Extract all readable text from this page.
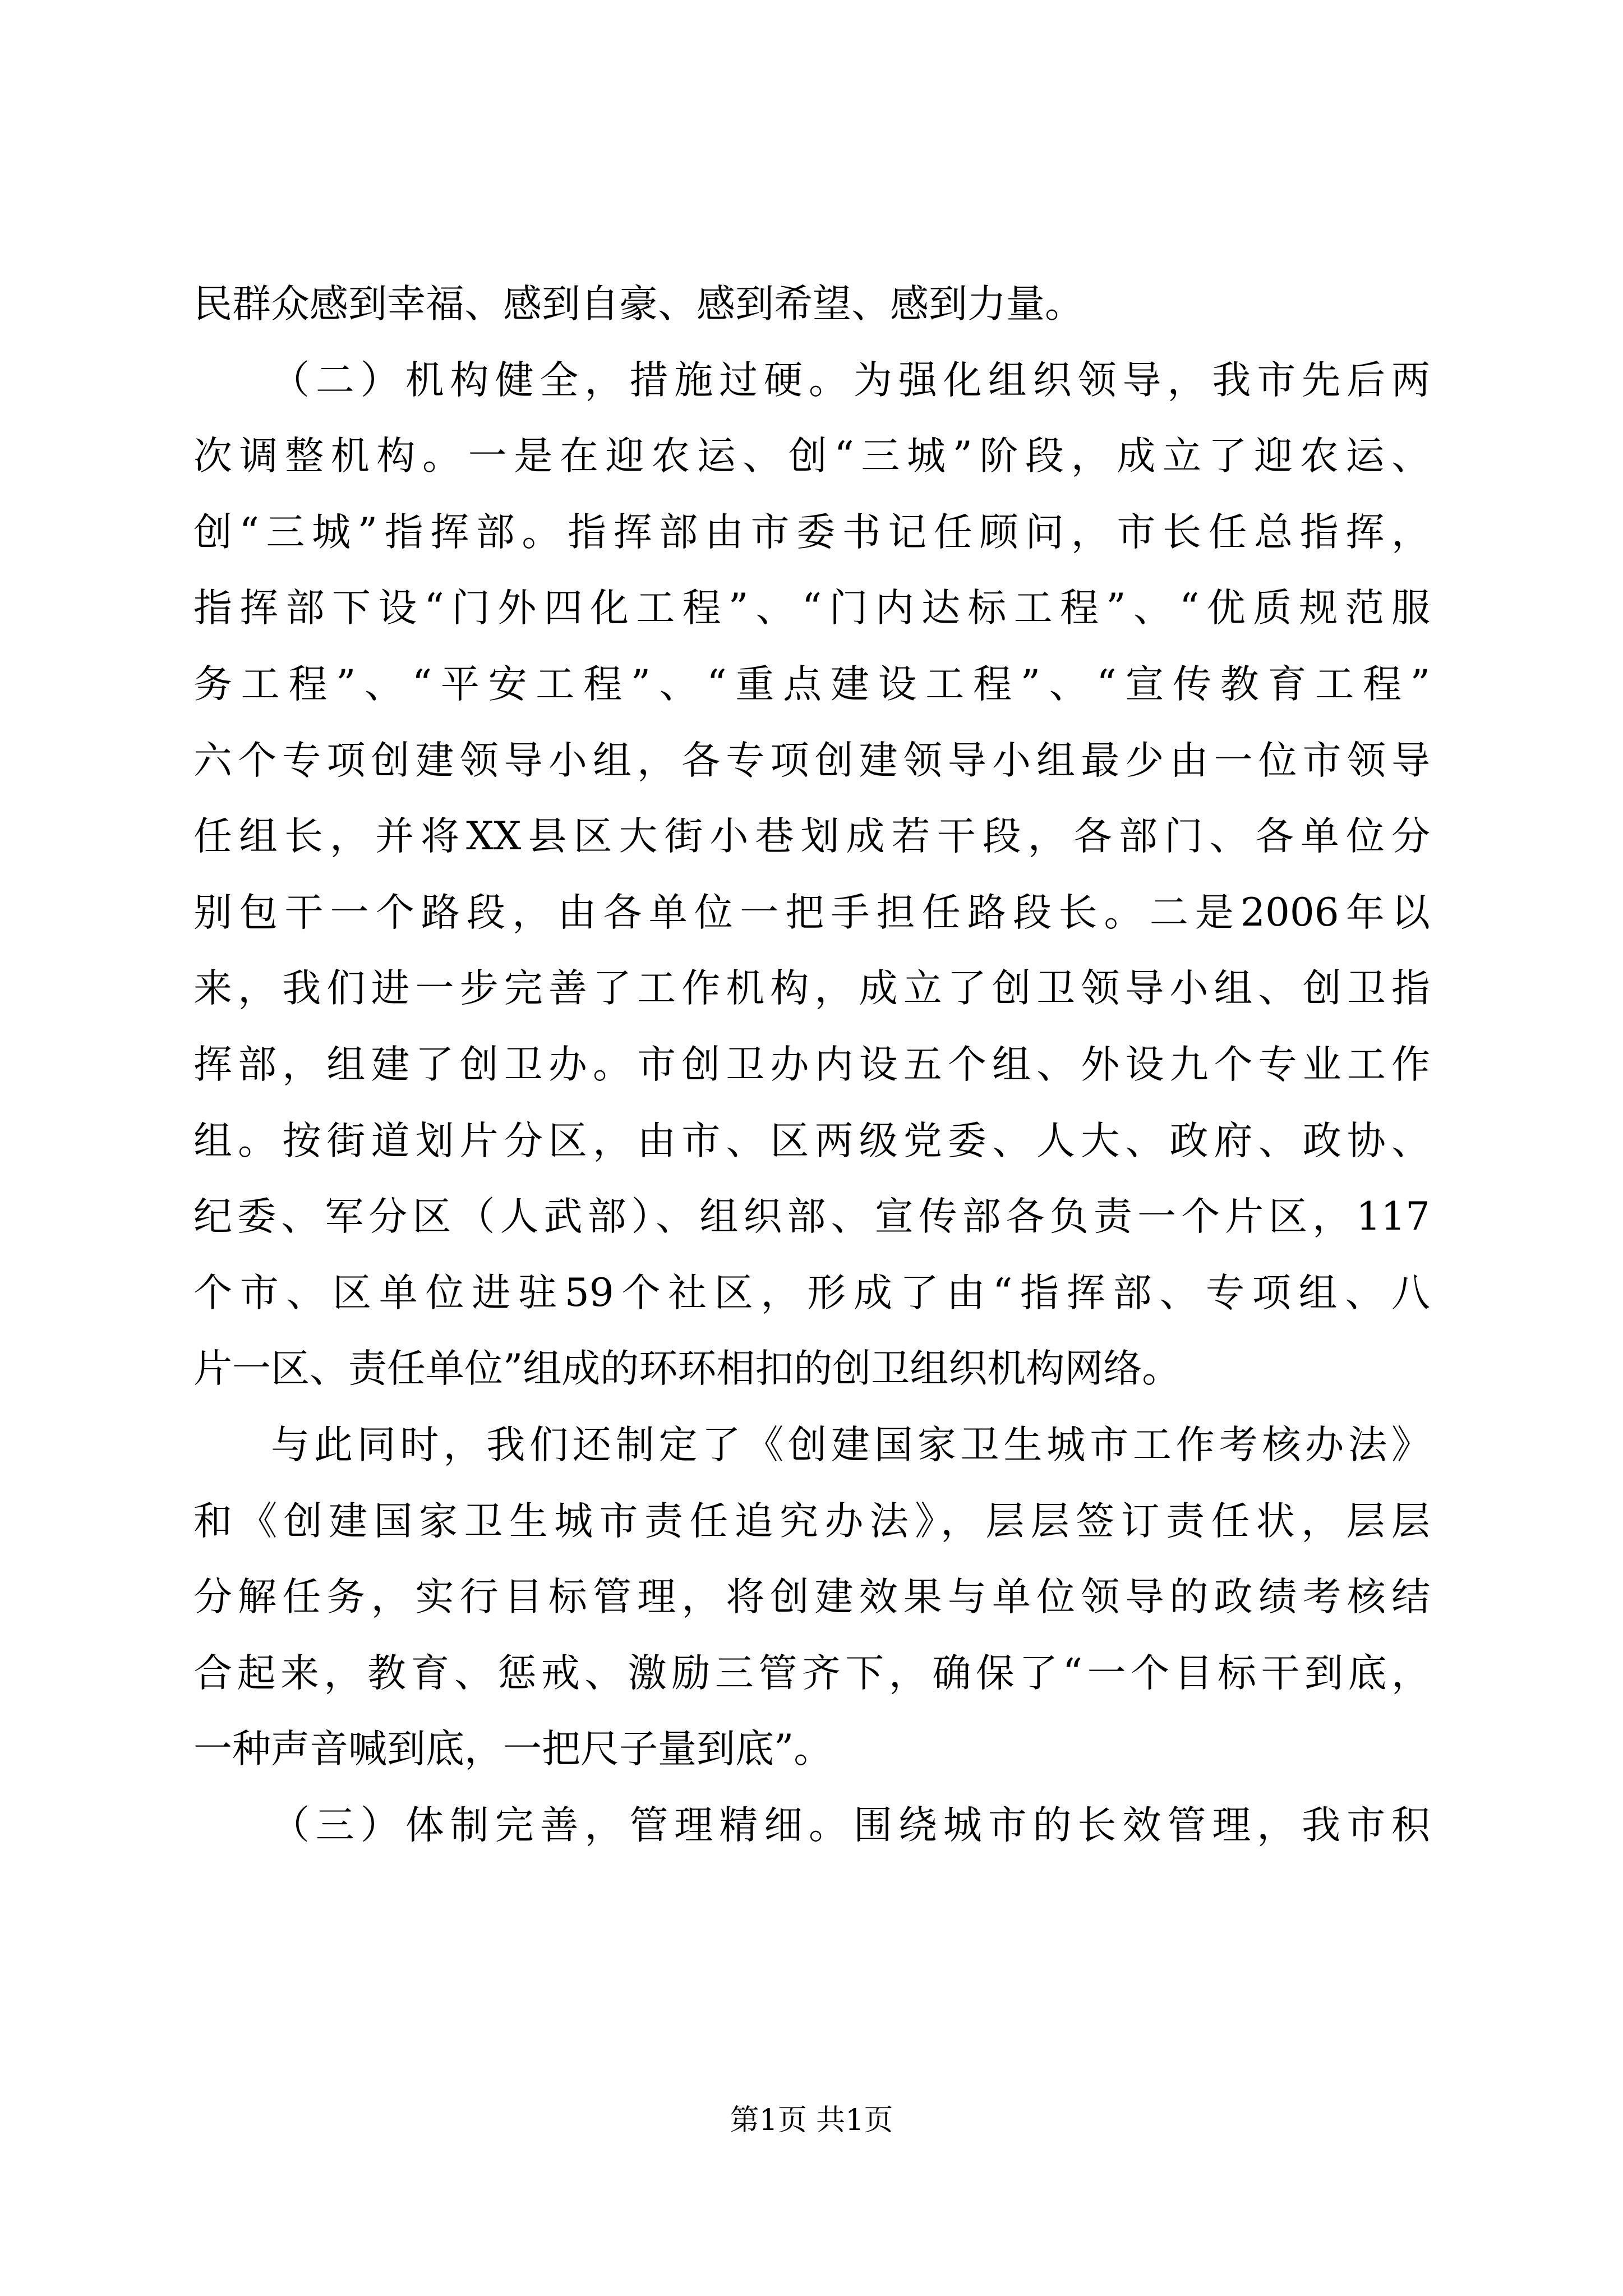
民群众感到幸福、感到自豪、感到希望、感到力量。
（二）机构健全，措施过硬。为强化组织领导，我市先后两
次调整机构。一是在迎农运、创“三城”阶段，成立了迎农运、
创“三城”指挥部。指挥部由市委书记任顾问，市长任总指挥，
指挥部下设“门外四化工程”、“门内达标工程”、“优质规范服
务工程”、“平安工程”、“重点建设工程”、“宣传教育工程”
六个专项创建领导小组，各专项创建领导小组最少由一位市领导
任组长，并将XX县区大街小巷划成若干段，各部门、各单位分
别包干一个路段，由各单位一把手担任路段长。二是2006年以
来，我们进一步完善了工作机构，成立了创卫领导小组、创卫指
挥部，组建了创卫办。市创卫办内设五个组、外设九个专业工作
组。按街道划片分区，由市、区两级党委、人大、政府、政协、
纪委、军分区（人武部）、组织部、宣传部各负责一个片区，117
个市、区单位进驻59个社区，形成了由“指挥部、专项组、八
片一区、责任单位”组成的环环相扣的创卫组织机构网络。
与此同时，我们还制定了《创建国家卫生城市工作考核办法》
和《创建国家卫生城市责任追究办法》，层层签订责任状，层层
分解任务，实行目标管理，将创建效果与单位领导的政绩考核结
合起来，教育、惩戒、激励三管齐下，确保了“一个目标干到底，
一种声音喊到底，一把尺子量到底”。
（三）体制完善，管理精细。围绕城市的长效管理，我市积
第1页 共1页
